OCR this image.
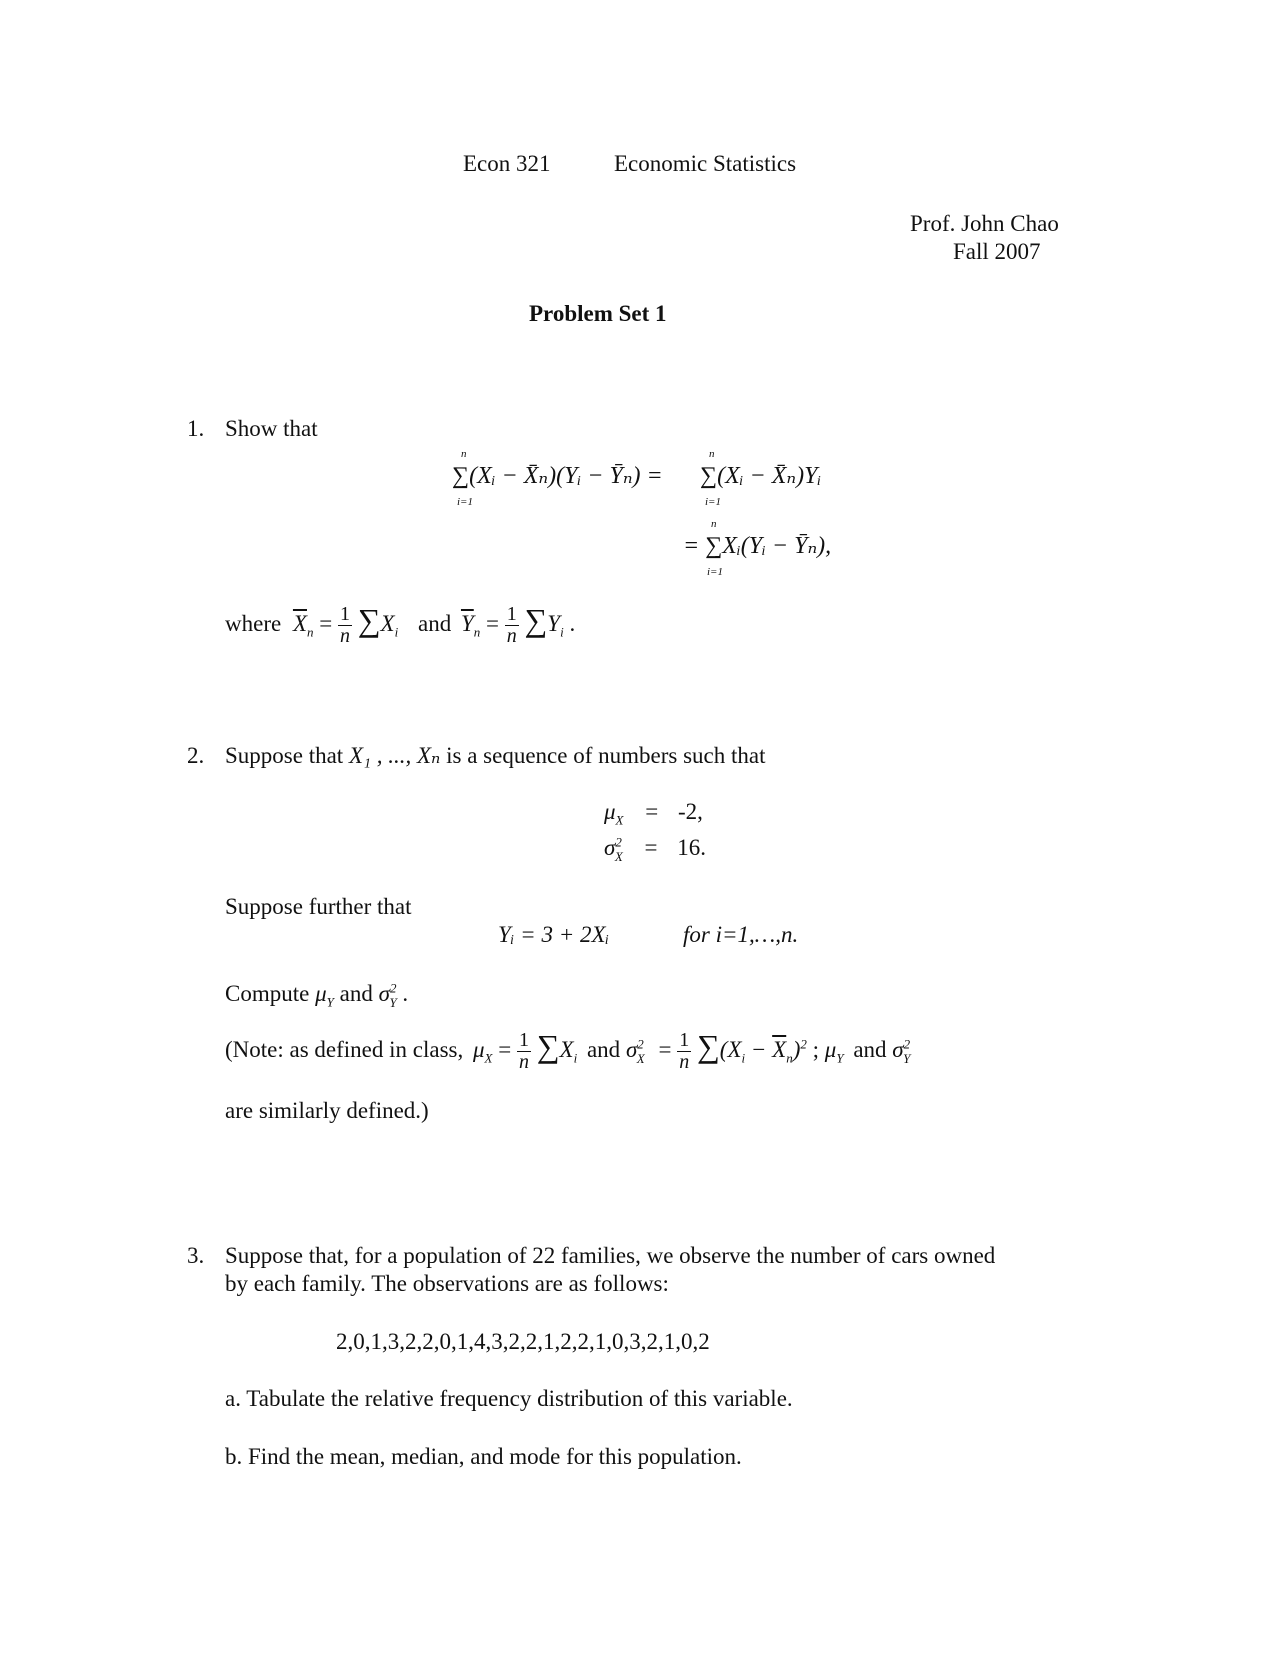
Econ 321	Economic Statistics
Prof. John Chao
Fall 2007
Problem Set 1
1. Show that
n
i=1
n
i=1
∑(Xᵢ − X̄ₙ)(Yᵢ − Ȳₙ) = ∑(Xᵢ − X̄ₙ)Yᵢ
n
i=1
= ∑Xᵢ(Yᵢ − Ȳₙ),
where $\overline{X}_n = \frac{1}{n} \sum X_i$ and $\overline{Y}_n = \frac{1}{n} \sum Y_i$ .
2. Suppose that X₁ , ..., Xₙ is a sequence of numbers such that
$\mu_X = -2$,
$\sigma^2_X = 16$.
Suppose further that
Yᵢ = 3 + 2Xᵢ	for i=1,…,n.
Compute $\mu_Y$ and $\sigma^2_Y$ .
(Note: as defined in class, $\mu_X = \frac{1}{n} \sum X_i$ and $\sigma^2_X = \frac{1}{n} \sum(X_i - \overline{X}_n)^2$ ; $\mu_Y$ and $\sigma^2_Y$
are similarly defined.)
3. Suppose that, for a population of 22 families, we observe the number of cars owned
by each family. The observations are as follows:
2,0,1,3,2,2,0,1,4,3,2,2,1,2,2,1,0,3,2,1,0,2
a. Tabulate the relative frequency distribution of this variable.
b. Find the mean, median, and mode for this population.
